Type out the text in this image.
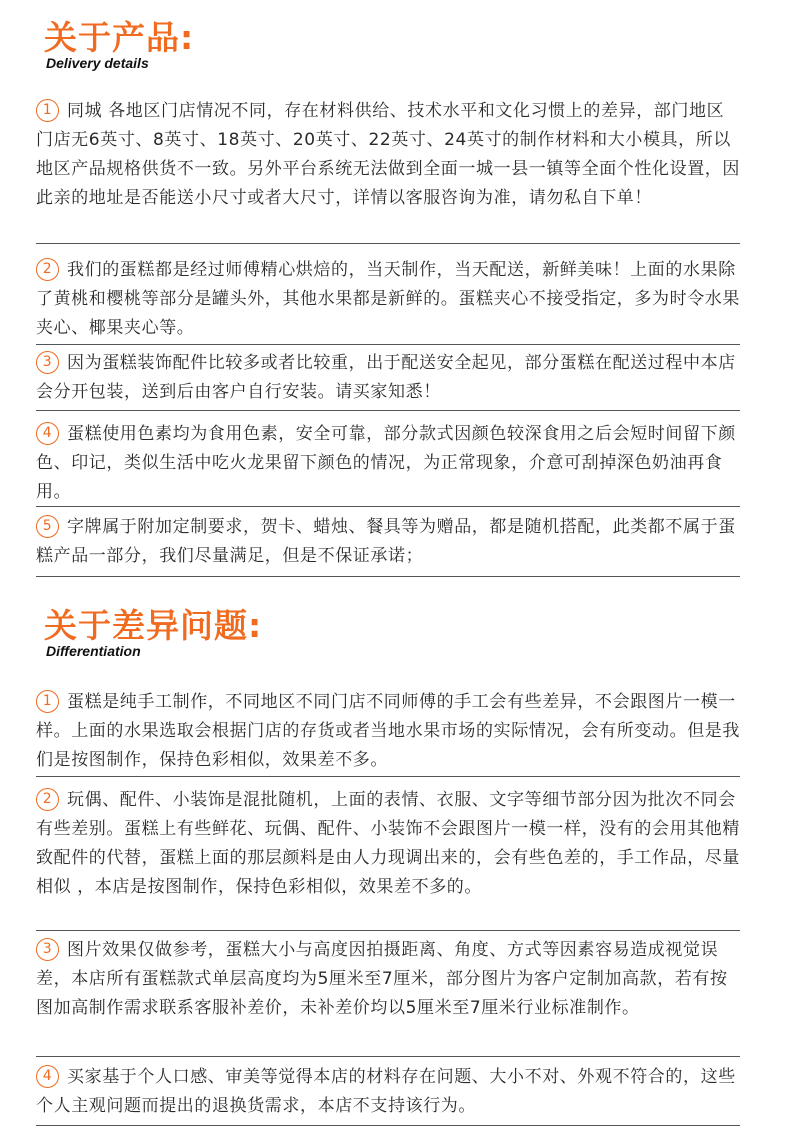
关于产品:
Delivery details
1 同城 各地区门店情况不同，存在材料供给、技术水平和文化习惯上的差异，部门地区门店无6英寸、8英寸、18英寸、20英寸、22英寸、24英寸的制作材料和大小模具，所以地区产品规格供货不一致。另外平台系统无法做到全面一城一县一镇等全面个性化设置，因此亲的地址是否能送小尺寸或者大尺寸，详情以客服咨询为准，请勿私自下单！
2 我们的蛋糕都是经过师傅精心烘焙的，当天制作，当天配送，新鲜美味！上面的水果除了黄桃和樱桃等部分是罐头外，其他水果都是新鲜的。蛋糕夹心不接受指定，多为时令水果夹心、椰果夹心等。
3 因为蛋糕装饰配件比较多或者比较重，出于配送安全起见，部分蛋糕在配送过程中本店会分开包装，送到后由客户自行安装。请买家知悉！
4 蛋糕使用色素均为食用色素，安全可靠，部分款式因颜色较深食用之后会短时间留下颜色、印记，类似生活中吃火龙果留下颜色的情况，为正常现象，介意可刮掉深色奶油再食用。
5 字牌属于附加定制要求，贺卡、蜡烛、餐具等为赠品，都是随机搭配，此类都不属于蛋糕产品一部分，我们尽量满足，但是不保证承诺；
关于差异问题:
Differentiation
1 蛋糕是纯手工制作，不同地区不同门店不同师傅的手工会有些差异，不会跟图片一模一样。上面的水果选取会根据门店的存货或者当地水果市场的实际情况，会有所变动。但是我们是按图制作，保持色彩相似，效果差不多。
2 玩偶、配件、小装饰是混批随机，上面的表情、衣服、文字等细节部分因为批次不同会有些差别。蛋糕上有些鲜花、玩偶、配件、小装饰不会跟图片一模一样，没有的会用其他精致配件的代替，蛋糕上面的那层颜料是由人力现调出来的，会有些色差的，手工作品，尽量相似 ，本店是按图制作，保持色彩相似，效果差不多的。
3 图片效果仅做参考，蛋糕大小与高度因拍摄距离、角度、方式等因素容易造成视觉误差，本店所有蛋糕款式单层高度均为5厘米至7厘米，部分图片为客户定制加高款，若有按图加高制作需求联系客服补差价，未补差价均以5厘米至7厘米行业标准制作。
4 买家基于个人口感、审美等觉得本店的材料存在问题、大小不对、外观不符合的，这些个人主观问题而提出的退换货需求，本店不支持该行为。
